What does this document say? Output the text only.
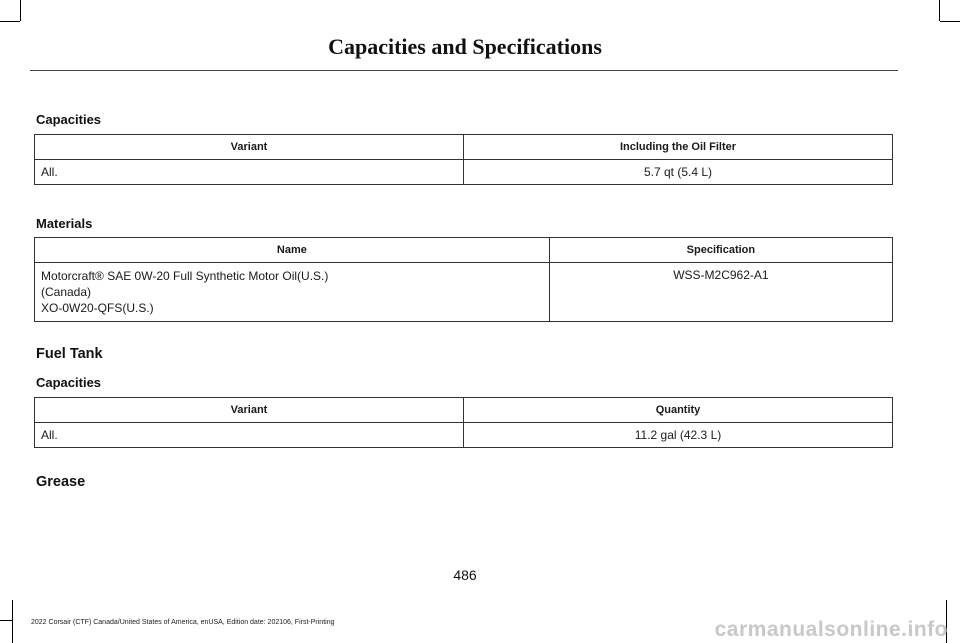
Capacities and Specifications
Capacities
Variant	Including the Oil Filter
All.	5.7 qt (5.4 L)
Materials
Name	Specification

Motorcraft® SAE 0W-20 Full Synthetic Motor Oil(U.S.)
(Canada)
XO-0W20-QFS(U.S.)	WSS-M2C962-A1
Fuel Tank
Capacities
Variant	Quantity
All.	11.2 gal (42.3 L)
Grease
486
2022 Corsair (CTF) Canada/United States of America, enUSA, Edition date: 202106, First-Printing	carmanualsonline.info
